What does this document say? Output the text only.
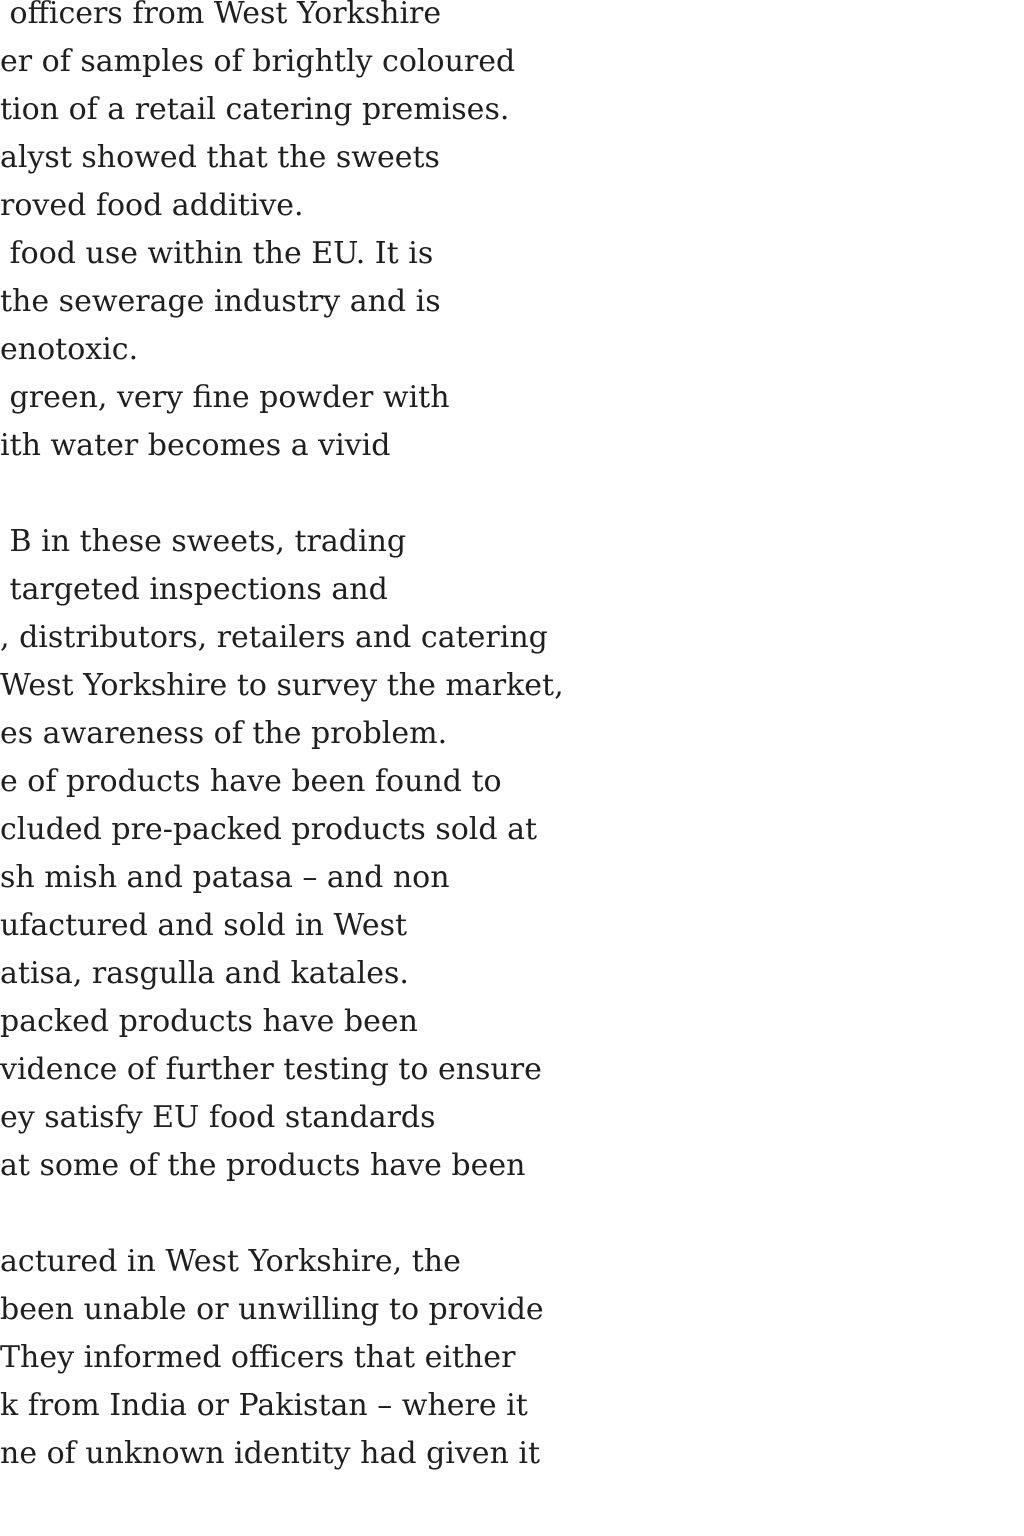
officers from West Yorkshire
er of samples of brightly coloured
tion of a retail catering premises.
alyst showed that the sweets
roved food additive.
food use within the EU. It is
the sewerage industry and is
enotoxic.
green, very fine powder with
ith water becomes a vivid
B in these sweets, trading
targeted inspections and
, distributors, retailers and catering
West Yorkshire to survey the market,
es awareness of the problem.
e of products have been found to
cluded pre-packed products sold at
sh mish and patasa – and non
ufactured and sold in West
atisa, rasgulla and katales.
packed products have been
vidence of further testing to ensure
ey satisfy EU food standards
at some of the products have been
actured in West Yorkshire, the
been unable or unwilling to provide
They informed officers that either
k from India or Pakistan – where it
ne of unknown identity had given it
